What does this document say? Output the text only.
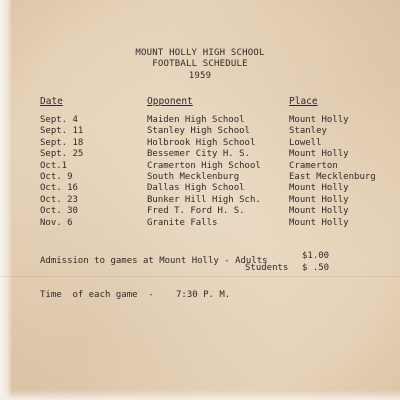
MOUNT HOLLY HIGH SCHOOL
FOOTBALL SCHEDULE
1959
Date	Opponent	Place
Sept. 4	Maiden High School	Mount Holly
Sept. 11	Stanley High School	Stanley
Sept. 18	Holbrook High School	Lowell
Sept. 25	Bessemer City H. S.	Mount Holly
Oct.1	Cramerton High School	Cramerton
Oct. 9	South Mecklenburg	East Mecklenburg
Oct. 16	Dallas High School	Mount Holly
Oct. 23	Bunker Hill High Sch.	Mount Holly
Oct. 30	Fred T. Ford H. S.	Mount Holly
Nov. 6	Granite Falls	Mount Holly
Admission to games at Mount Holly - Adults	$1.00
Students $ .50
Time  of each game  - 7:30 P. M.
